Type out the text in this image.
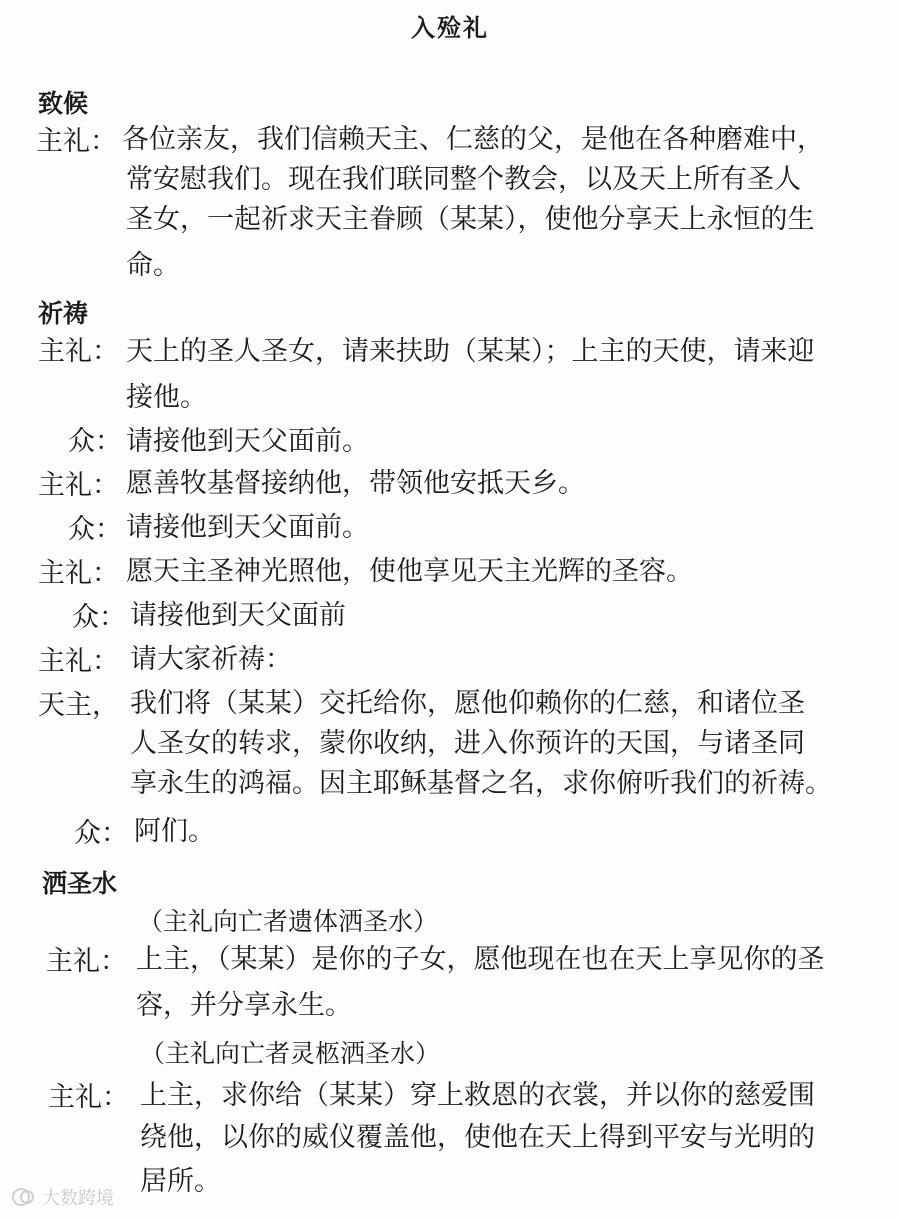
入殓礼
致候
主礼： 各位亲友，我们信赖天主、仁慈的父，是他在各种磨难中，
常安慰我们。现在我们联同整个教会，以及天上所有圣人
圣女，一起祈求天主眷顾（某某），使他分享天上永恒的生
命。
祈祷
主礼： 天上的圣人圣女，请来扶助（某某）；上主的天使，请来迎
接他。
众： 请接他到天父面前。
主礼： 愿善牧基督接纳他，带领他安抵天乡。
众： 请接他到天父面前。
主礼： 愿天主圣神光照他，使他享见天主光辉的圣容。
众： 请接他到天父面前
主礼： 请大家祈祷：
天主， 我们将（某某）交托给你，愿他仰赖你的仁慈，和诸位圣
人圣女的转求，蒙你收纳，进入你预许的天国，与诸圣同
享永生的鸿福。因主耶稣基督之名，求你俯听我们的祈祷。
众： 阿们。
洒圣水
（主礼向亡者遗体洒圣水）
主礼： 上主，（某某）是你的子女，愿他现在也在天上享见你的圣
容，并分享永生。
（主礼向亡者灵柩洒圣水）
主礼： 上主，求你给（某某）穿上救恩的衣裳，并以你的慈爱围
绕他，以你的威仪覆盖他，使他在天上得到平安与光明的
居所。
大数跨境
